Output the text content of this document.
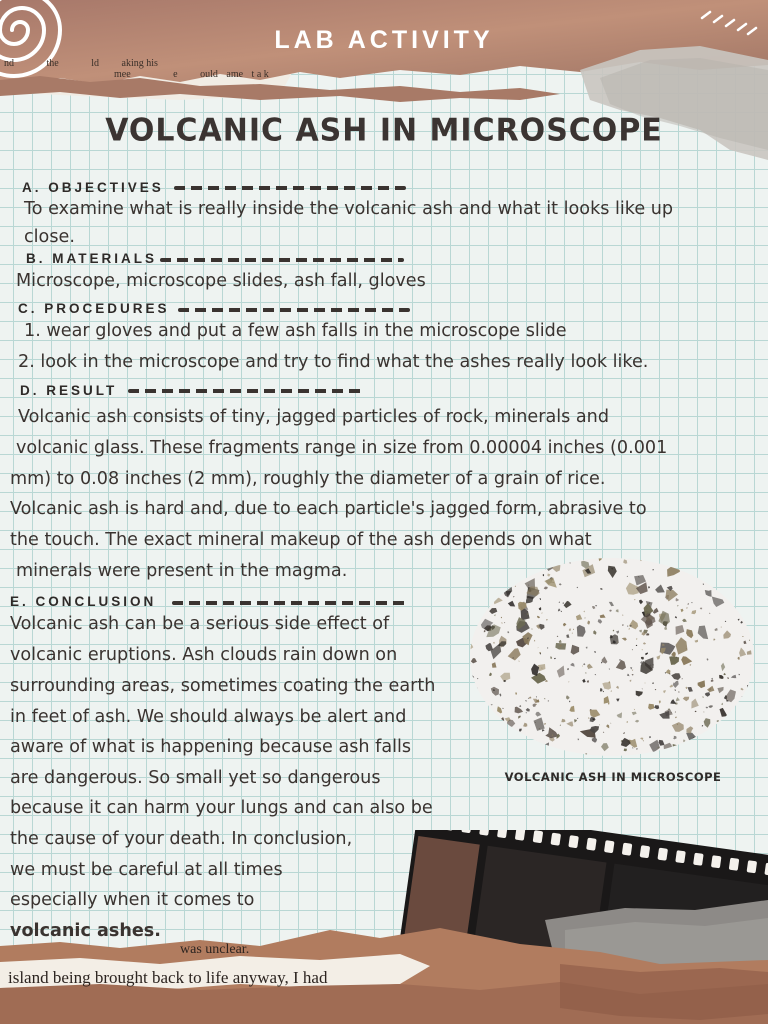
nd	the	ld aking his
mee	e ould ame t a k
LAB ACTIVITY
VOLCANIC ASH IN MICROSCOPE
A. OBJECTIVES
To examine what is really inside the volcanic ash and what it looks like up
close.
B. MATERIALS
Microscope, microscope slides, ash fall, gloves
C. PROCEDURES
1. wear gloves and put a few ash falls in the microscope slide
2. look in the microscope and try to find what the ashes really look like.
D. RESULT
Volcanic ash consists of tiny, jagged particles of rock, minerals and
volcanic glass. These fragments range in size from 0.00004 inches (0.001
mm) to 0.08 inches (2 mm), roughly the diameter of a grain of rice.
Volcanic ash is hard and, due to each particle's jagged form, abrasive to
the touch. The exact mineral makeup of the ash depends on what
minerals were present in the magma.
E. CONCLUSION
Volcanic ash can be a serious side effect of
volcanic eruptions. Ash clouds rain down on
surrounding areas, sometimes coating the earth
in feet of ash. We should always be alert and
aware of what is happening because ash falls
are dangerous. So small yet so dangerous
because it can harm your lungs and can also be
the cause of your death. In conclusion,
we must be careful at all times
especially when it comes to
volcanic ashes.
VOLCANIC ASH IN MICROSCOPE
was unclear.
island being brought back to life anyway, I had
